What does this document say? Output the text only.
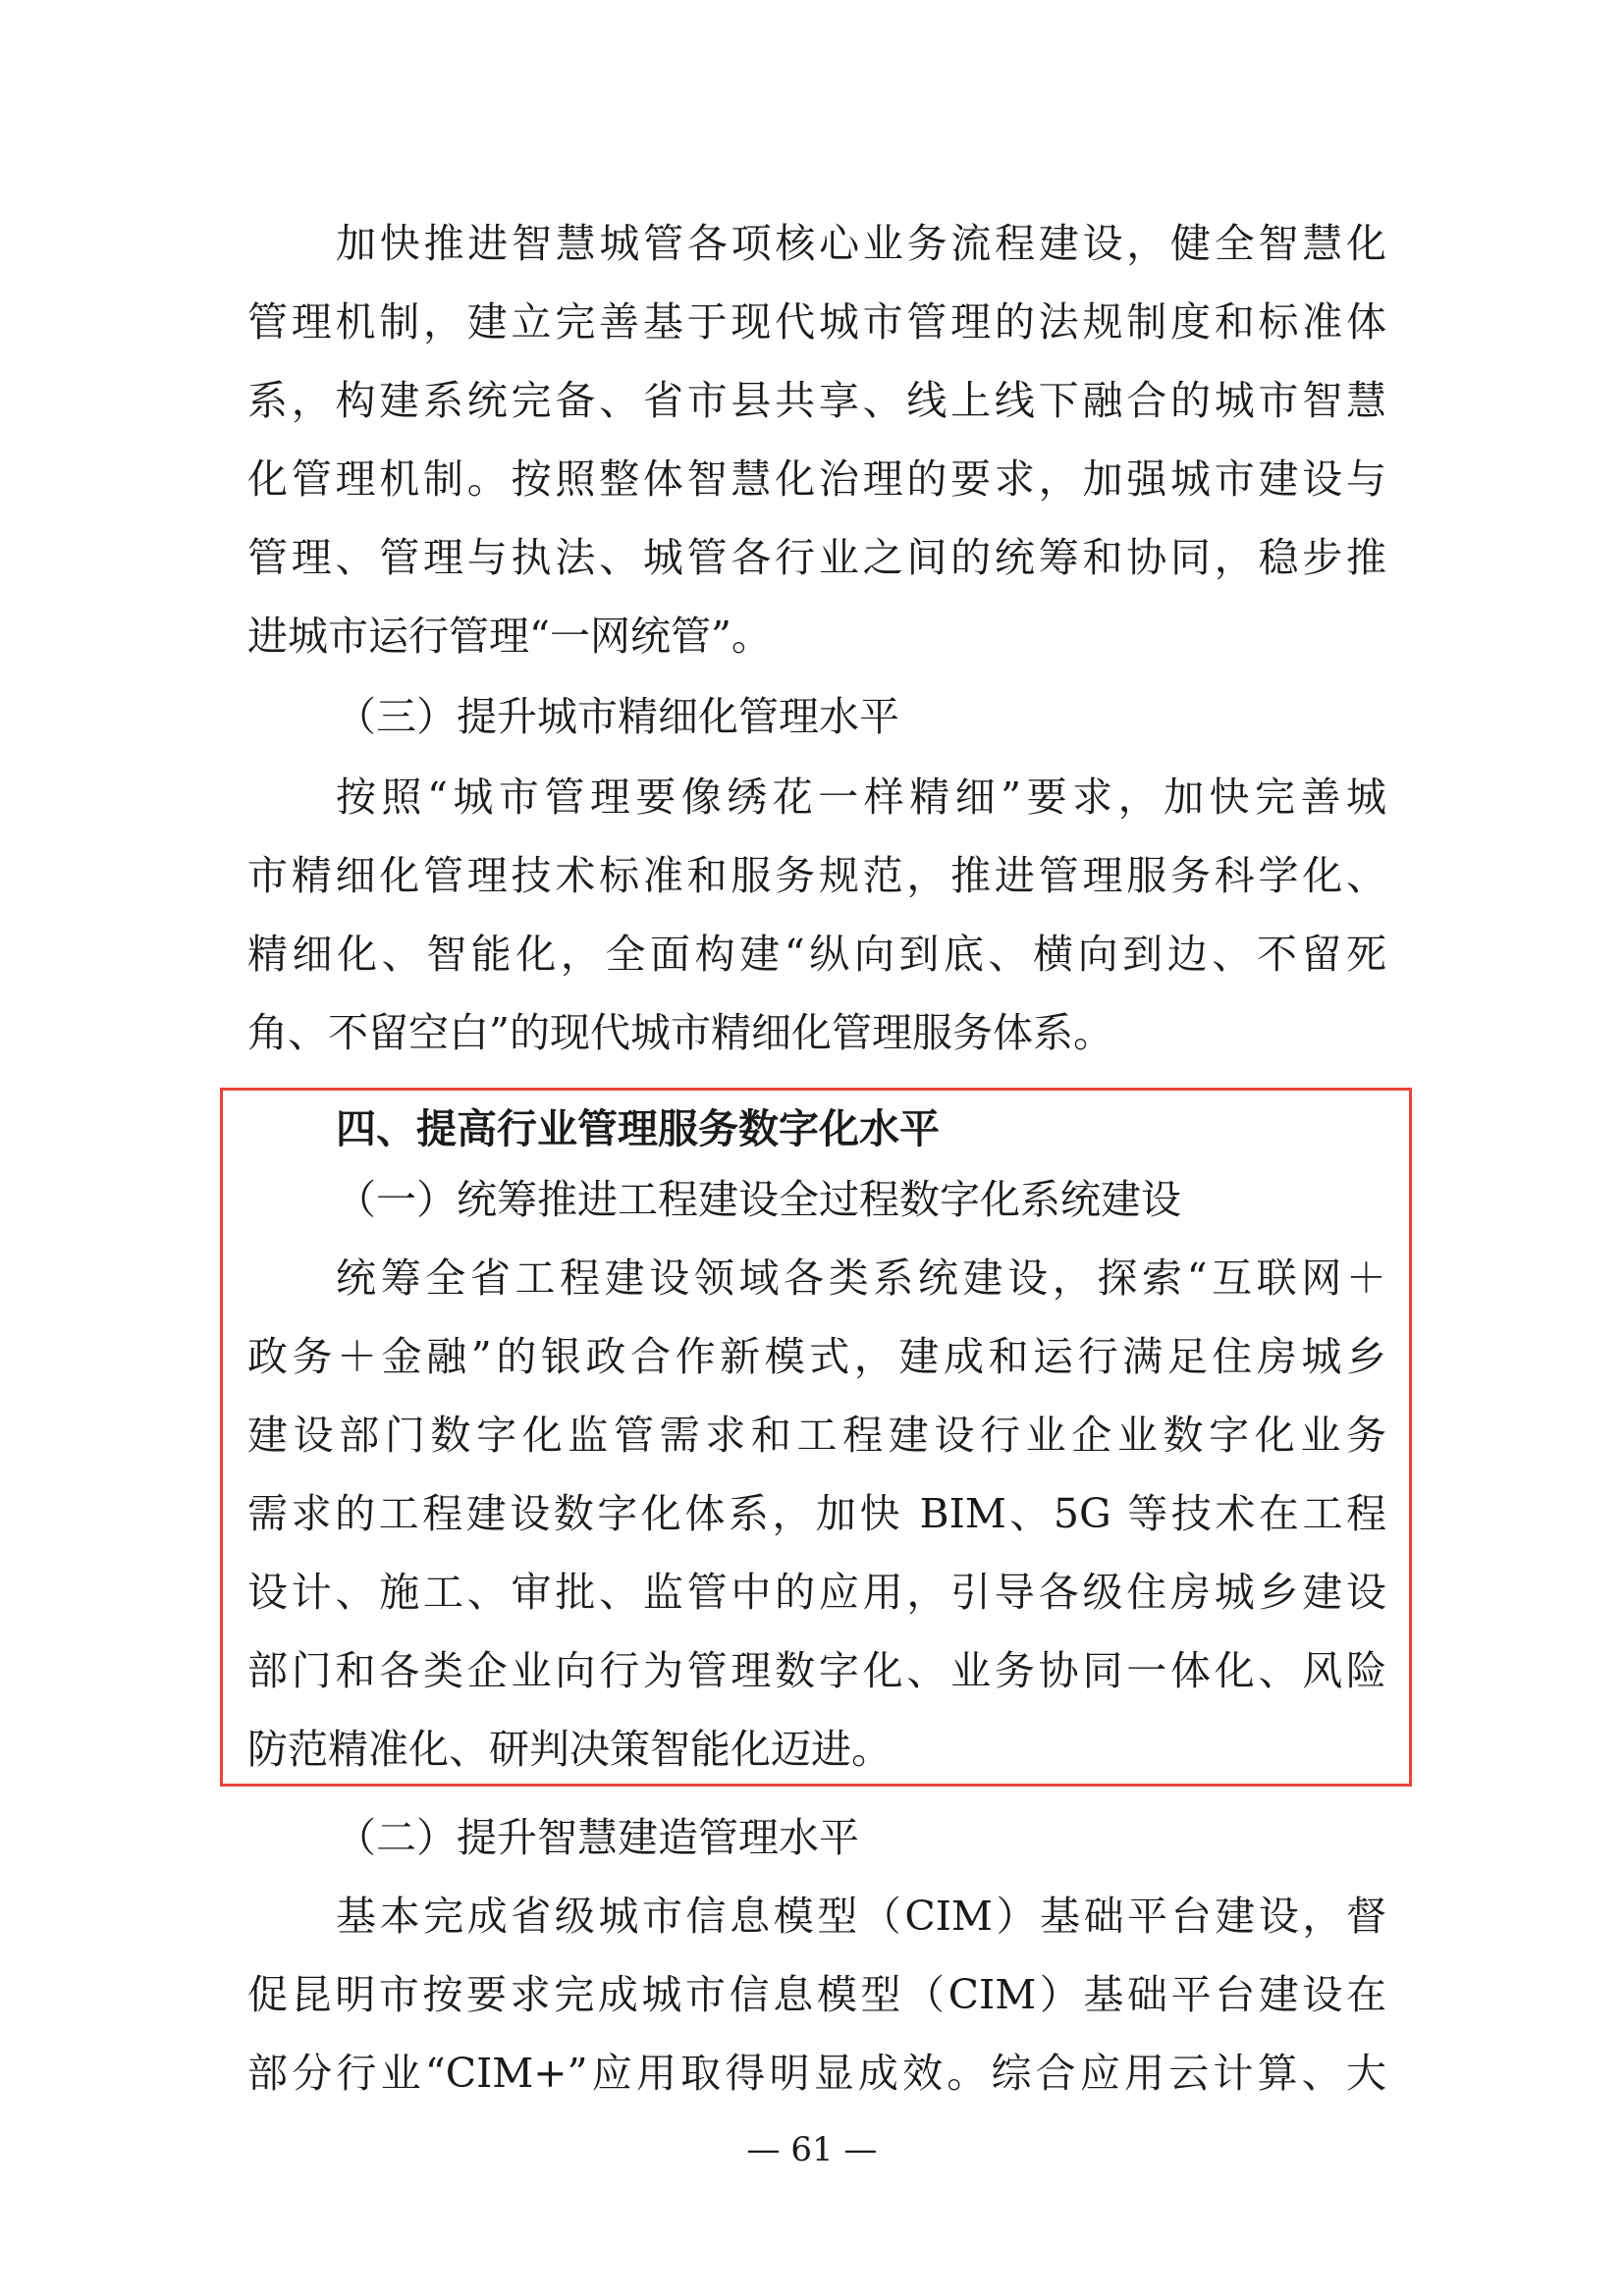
加快推进智慧城管各项核心业务流程建设，健全智慧化
管理机制，建立完善基于现代城市管理的法规制度和标准体
系，构建系统完备、省市县共享、线上线下融合的城市智慧
化管理机制。按照整体智慧化治理的要求，加强城市建设与
管理、管理与执法、城管各行业之间的统筹和协同，稳步推
进城市运行管理“一网统管”。
（三）提升城市精细化管理水平
按照“城市管理要像绣花一样精细”要求，加快完善城
市精细化管理技术标准和服务规范，推进管理服务科学化、
精细化、智能化，全面构建“纵向到底、横向到边、不留死
角、不留空白”的现代城市精细化管理服务体系。
四、提高行业管理服务数字化水平
（一）统筹推进工程建设全过程数字化系统建设
统筹全省工程建设领域各类系统建设，探索“互联网＋
政务＋金融”的银政合作新模式，建成和运行满足住房城乡
建设部门数字化监管需求和工程建设行业企业数字化业务
需求的工程建设数字化体系，加快 BIM、5G 等技术在工程
设计、施工、审批、监管中的应用，引导各级住房城乡建设
部门和各类企业向行为管理数字化、业务协同一体化、风险
防范精准化、研判决策智能化迈进。
（二）提升智慧建造管理水平
基本完成省级城市信息模型（CIM）基础平台建设，督
促昆明市按要求完成城市信息模型（CIM）基础平台建设在
部分行业“CIM+”应用取得明显成效。综合应用云计算、大
— 61 —
